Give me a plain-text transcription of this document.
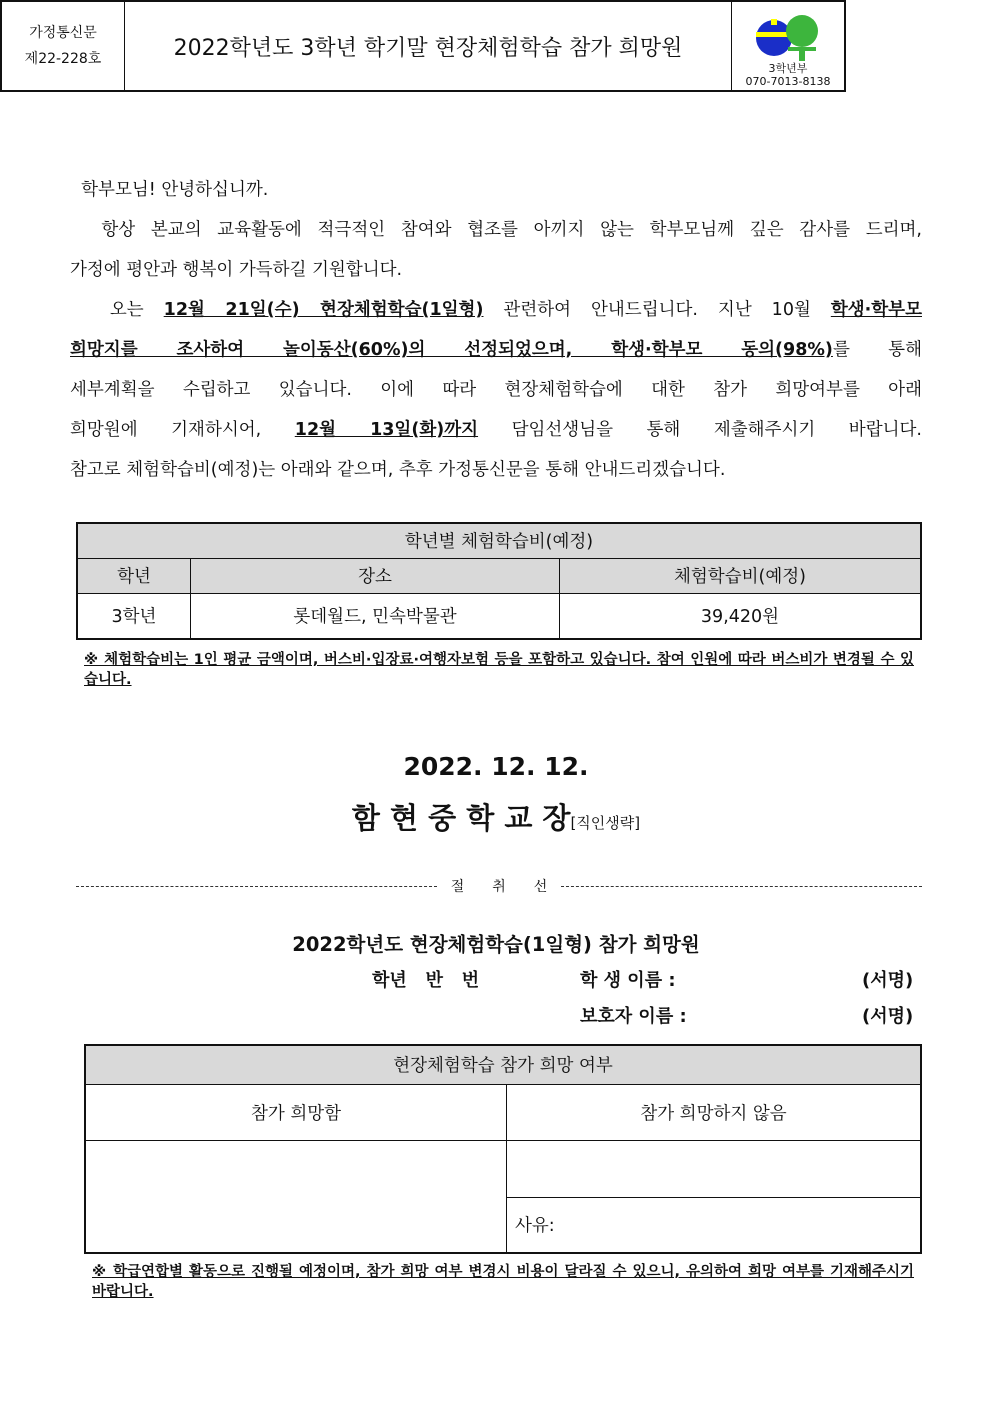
가정통신문
제22-228호	2022학년도 3학년 학기말 현장체험학습 참가 희망원
3학년부
070-7013-8138
학부모님! 안녕하십니까.
항상 본교의 교육활동에 적극적인 참여와 협조를 아끼지 않는 학부모님께 깊은 감사를 드리며,
가정에 평안과 행복이 가득하길 기원합니다.
오는 12월 21일(수) 현장체험학습(1일형) 관련하여 안내드립니다. 지난 10월 학생·학부모
희망지를 조사하여 놀이동산(60%)의 선정되었으며, 학생·학부모 동의(98%)를 통해
세부계획을 수립하고 있습니다. 이에 따라 현장체험학습에 대한 참가 희망여부를 아래
희망원에 기재하시어, 12월 13일(화)까지 담임선생님을 통해 제출해주시기 바랍니다.
참고로 체험학습비(예정)는 아래와 같으며, 추후 가정통신문을 통해 안내드리겠습니다.
학년별 체험학습비(예정)		
학년	장소	체험학습비(예정)
3학년	롯데월드, 민속박물관	39,420원
※ 체험학습비는 1인 평균 금액이며, 버스비·입장료·여행자보험 등을 포함하고 있습니다. 참여 인원에 따라 버스비가 변경될 수 있습니다.
2022. 12. 12.
함 현 중 학 교 장[직인생략]
절취선
2022학년도 현장체험학습(1일형) 참가 희망원
학년   반   번	학 생 이름 :	(서명)
보호자 이름 :	(서명)
현장체험학습 참가 희망 여부	
참가 희망함	참가 희망하지 않음

	사유:
※ 학급연합별 활동으로 진행될 예정이며, 참가 희망 여부 변경시 비용이 달라질 수 있으니, 유의하여 희망 여부를 기재해주시기 바랍니다.
